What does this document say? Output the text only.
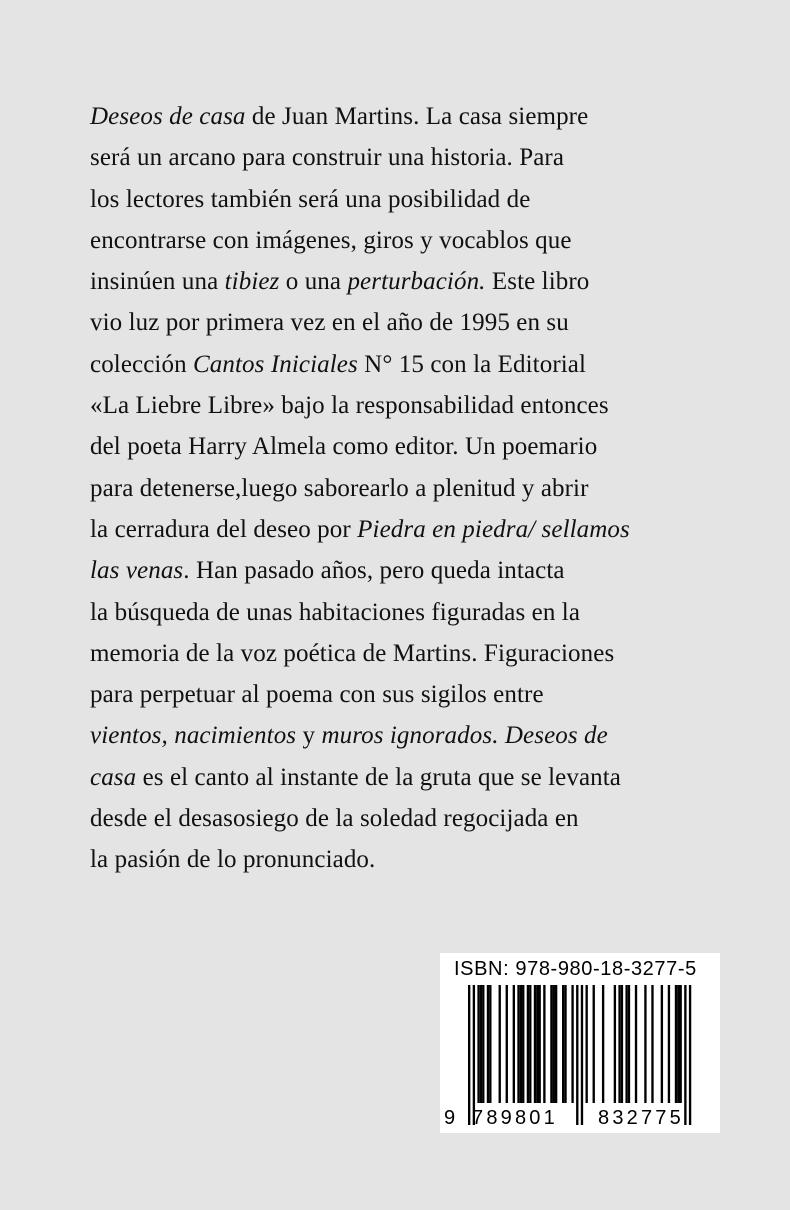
Deseos de casa de Juan Martins. La casa siempre
será un arcano para construir una historia. Para
los lectores también será una posibilidad de
encontrarse con imágenes, giros y vocablos que
insinúen una tibiez o una perturbación. Este libro
vio luz por primera vez en el año de 1995 en su
colección Cantos Iniciales N° 15 con la Editorial
«La Liebre Libre» bajo la responsabilidad entonces
del poeta Harry Almela como editor. Un poemario
para detenerse,luego saborearlo a plenitud y abrir
la cerradura del deseo por Piedra en piedra/ sellamos
las venas. Han pasado años, pero queda intacta
la búsqueda de unas habitaciones figuradas en la
memoria de la voz poética de Martins. Figuraciones
para perpetuar al poema con sus sigilos entre
vientos, nacimientos y muros ignorados. Deseos de
casa es el canto al instante de la gruta que se levanta
desde el desasosiego de la soledad regocijada en
la pasión de lo pronunciado.
ISBN: 978-980-18-3277-5
9 789801 832775
